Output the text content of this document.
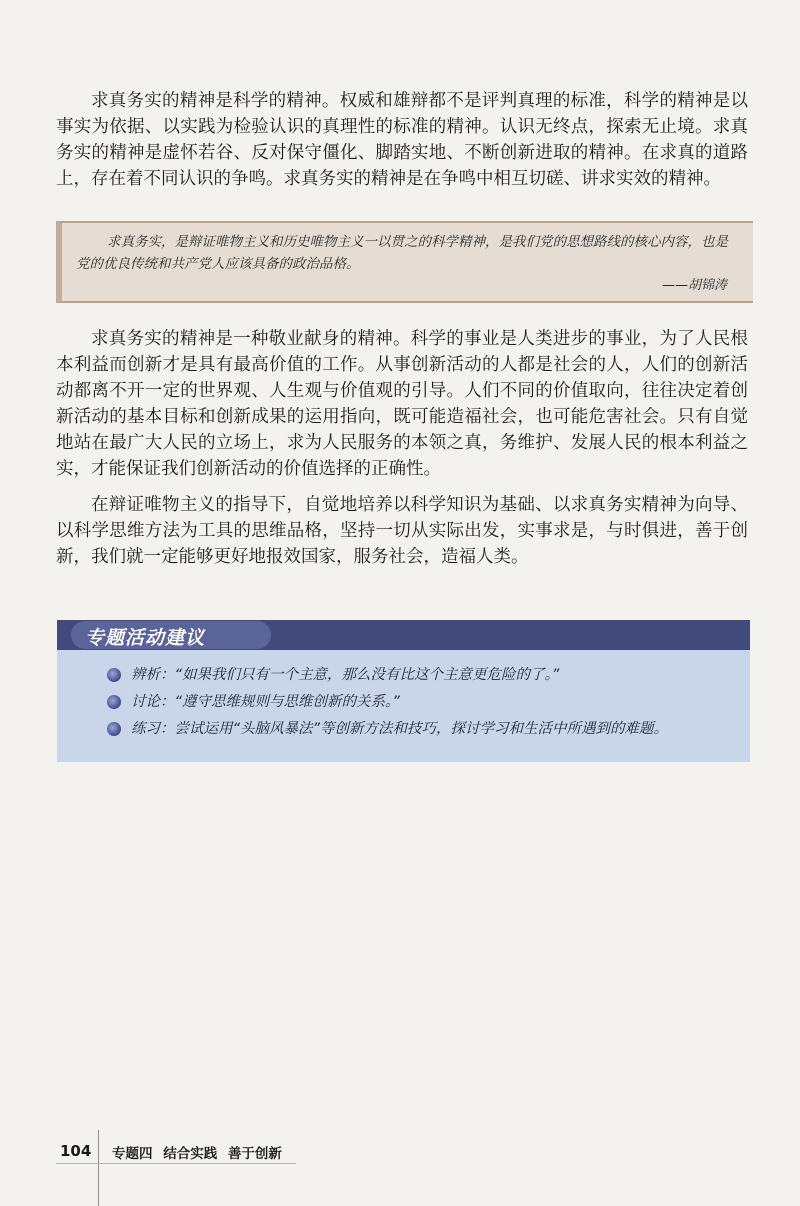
求真务实的精神是科学的精神。权威和雄辩都不是评判真理的标准，科学的精神是以事实为依据、以实践为检验认识的真理性的标准的精神。认识无终点，探索无止境。求真务实的精神是虚怀若谷、反对保守僵化、脚踏实地、不断创新进取的精神。在求真的道路上，存在着不同认识的争鸣。求真务实的精神是在争鸣中相互切磋、讲求实效的精神。

求真务实，是辩证唯物主义和历史唯物主义一以贯之的科学精神，是我们党的思想路线的核心内容，也是党的优良传统和共产党人应该具备的政治品格。

——胡锦涛

求真务实的精神是一种敬业献身的精神。科学的事业是人类进步的事业，为了人民根本利益而创新才是具有最高价值的工作。从事创新活动的人都是社会的人，人们的创新活动都离不开一定的世界观、人生观与价值观的引导。人们不同的价值取向，往往决定着创新活动的基本目标和创新成果的运用指向，既可能造福社会，也可能危害社会。只有自觉地站在最广大人民的立场上，求为人民服务的本领之真，务维护、发展人民的根本利益之实，才能保证我们创新活动的价值选择的正确性。

在辩证唯物主义的指导下，自觉地培养以科学知识为基础、以求真务实精神为向导、以科学思维方法为工具的思维品格，坚持一切从实际出发，实事求是，与时俱进，善于创新，我们就一定能够更好地报效国家，服务社会，造福人类。

专题活动建议
辨析：“如果我们只有一个主意，那么没有比这个主意更危险的了。”
讨论：“遵守思维规则与思维创新的关系。”
练习：尝试运用“头脑风暴法”等创新方法和技巧，探讨学习和生活中所遇到的难题。
104 专题四 结合实践 善于创新
